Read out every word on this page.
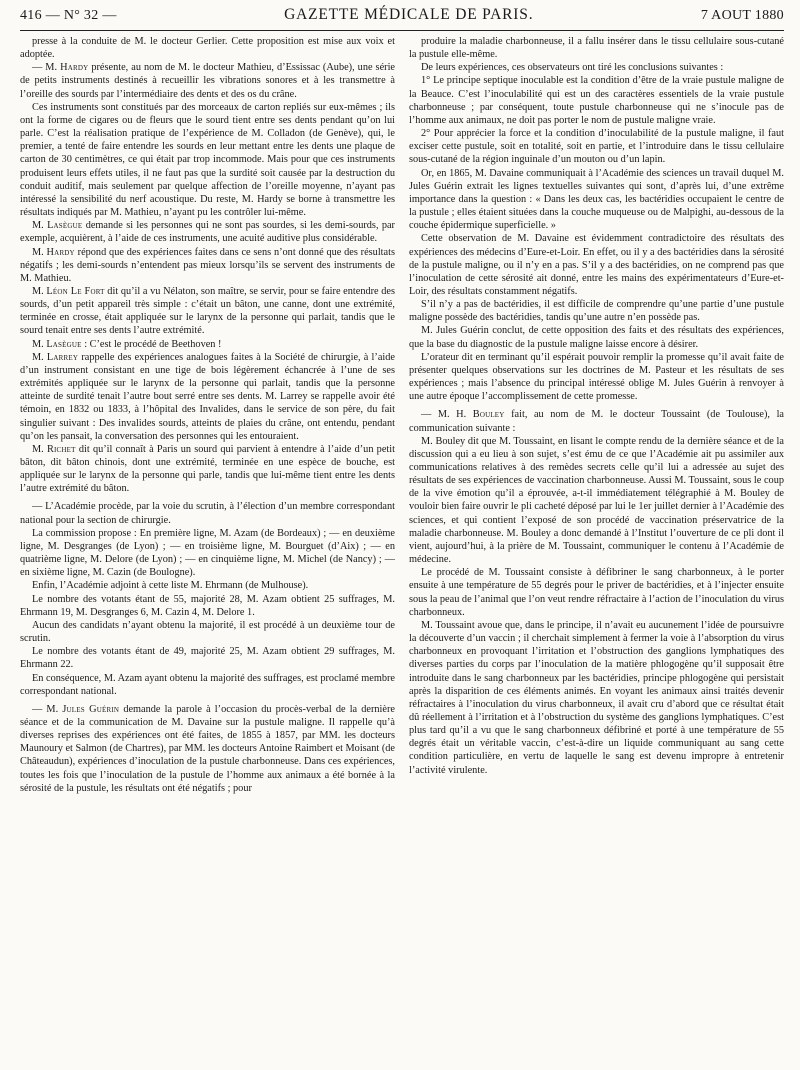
416 — N° 32 —	GAZETTE MÉDICALE DE PARIS.	7 AOUT 1880

presse à la conduite de M. le docteur Gerlier. Cette proposition est mise aux voix et adoptée.

— M. Hardy présente, au nom de M. le docteur Mathieu, d’Essissac (Aube), une série de petits instruments destinés à recueillir les vibrations sonores et à les transmettre à l’oreille des sourds par l’intermédiaire des dents et des os du crâne.

Ces instruments sont constitués par des morceaux de carton repliés sur eux-mêmes ; ils ont la forme de cigares ou de fleurs que le sourd tient entre ses dents pendant qu’on lui parle. C’est la réalisation pratique de l’expérience de M. Colladon (de Genève), qui, le premier, a tenté de faire entendre les sourds en leur mettant entre les dents une plaque de carton de 30 centimètres, ce qui était par trop incommode. Mais pour que ces instruments produisent leurs effets utiles, il ne faut pas que la surdité soit causée par la destruction du conduit auditif, mais seulement par quelque affection de l’oreille moyenne, n’ayant pas intéressé la sensibilité du nerf acoustique. Du reste, M. Hardy se borne à transmettre les résultats indiqués par M. Mathieu, n’ayant pu les contrôler lui-même.

M. Lasègue demande si les personnes qui ne sont pas sourdes, si les demi-sourds, par exemple, acquièrent, à l’aide de ces instruments, une acuité auditive plus considérable.

M. Hardy répond que des expériences faites dans ce sens n’ont donné que des résultats négatifs ; les demi-sourds n’entendent pas mieux lorsqu’ils se servent des instruments de M. Mathieu.

M. Léon Le Fort dit qu’il a vu Nélaton, son maître, se servir, pour se faire entendre des sourds, d’un petit appareil très simple : c’était un bâton, une canne, dont une extrémité, terminée en crosse, était appliquée sur le larynx de la personne qui parlait, tandis que le sourd tenait entre ses dents l’autre extrémité.

M. Lasègue : C’est le procédé de Beethoven !

M. Larrey rappelle des expériences analogues faites à la Société de chirurgie, à l’aide d’un instrument consistant en une tige de bois légèrement échancrée à l’une de ses extrémités appliquée sur le larynx de la personne qui parlait, tandis que la personne atteinte de surdité tenait l’autre bout serré entre ses dents. M. Larrey se rappelle avoir été témoin, en 1832 ou 1833, à l’hôpital des Invalides, dans le service de son père, du fait singulier suivant : Des invalides sourds, atteints de plaies du crâne, ont entendu, pendant qu’on les pansait, la conversation des personnes qui les entouraient.

M. Richet dit qu’il connaît à Paris un sourd qui parvient à entendre à l’aide d’un petit bâton, dit bâton chinois, dont une extrémité, terminée en une espèce de bouche, est appliquée sur le larynx de la personne qui parle, tandis que lui-même tient entre les dents l’autre extrémité du bâton.

— L’Académie procède, par la voie du scrutin, à l’élection d’un membre correspondant national pour la section de chirurgie.

La commission propose : En première ligne, M. Azam (de Bordeaux) ; — en deuxième ligne, M. Desgranges (de Lyon) ; — en troisième ligne, M. Bourguet (d’Aix) ; — en quatrième ligne, M. Delore (de Lyon) ; — en cinquième ligne, M. Michel (de Nancy) ; — en sixième ligne, M. Cazin (de Boulogne).

Enfin, l’Académie adjoint à cette liste M. Ehrmann (de Mulhouse).

Le nombre des votants étant de 55, majorité 28, M. Azam obtient 25 suffrages, M. Ehrmann 19, M. Desgranges 6, M. Cazin 4, M. Delore 1.

Aucun des candidats n’ayant obtenu la majorité, il est procédé à un deuxième tour de scrutin.

Le nombre des votants étant de 49, majorité 25, M. Azam obtient 29 suffrages, M. Ehrmann 22.

En conséquence, M. Azam ayant obtenu la majorité des suffrages, est proclamé membre correspondant national.

— M. Jules Guérin demande la parole à l’occasion du procès-verbal de la dernière séance et de la communication de M. Davaine sur la pustule maligne. Il rappelle qu’à diverses reprises des expériences ont été faites, de 1855 à 1857, par MM. les docteurs Maunoury et Salmon (de Chartres), par MM. les docteurs Antoine Raimbert et Moisant (de Châteaudun), expériences d’inoculation de la pustule charbonneuse. Dans ces expériences, toutes les fois que l’inoculation de la pustule de l’homme aux animaux a été bornée à la sérosité de la pustule, les résultats ont été négatifs ; pour

produire la maladie charbonneuse, il a fallu insérer dans le tissu cellulaire sous-cutané la pustule elle-même.

De leurs expériences, ces observateurs ont tiré les conclusions suivantes :

1° Le principe septique inoculable est la condition d’être de la vraie pustule maligne de la Beauce. C’est l’inoculabilité qui est un des caractères essentiels de la vraie pustule charbonneuse ; par conséquent, toute pustule charbonneuse qui ne s’inocule pas de l’homme aux animaux, ne doit pas porter le nom de pustule maligne vraie.

2° Pour apprécier la force et la condition d’inoculabilité de la pustule maligne, il faut exciser cette pustule, soit en totalité, soit en partie, et l’introduire dans le tissu cellulaire sous-cutané de la région inguinale d’un mouton ou d’un lapin.

Or, en 1865, M. Davaine communiquait à l’Académie des sciences un travail duquel M. Jules Guérin extrait les lignes textuelles suivantes qui sont, d’après lui, d’une extrême importance dans la question : « Dans les deux cas, les bactéridies occupaient le centre de la pustule ; elles étaient situées dans la couche muqueuse ou de Malpighi, au-dessous de la couche épidermique superficielle. »

Cette observation de M. Davaine est évidemment contradictoire des résultats des expériences des médecins d’Eure-et-Loir. En effet, ou il y a des bactéridies dans la sérosité de la pustule maligne, ou il n’y en a pas. S’il y a des bactéridies, on ne comprend pas que l’inoculation de cette sérosité ait donné, entre les mains des expérimentateurs d’Eure-et-Loir, des résultats constamment négatifs.

S’il n’y a pas de bactéridies, il est difficile de comprendre qu’une partie d’une pustule maligne possède des bactéridies, tandis qu’une autre n’en possède pas.

M. Jules Guérin conclut, de cette opposition des faits et des résultats des expériences, que la base du diagnostic de la pustule maligne laisse encore à désirer.

L’orateur dit en terminant qu’il espérait pouvoir remplir la promesse qu’il avait faite de présenter quelques observations sur les doctrines de M. Pasteur et les résultats de ses expériences ; mais l’absence du principal intéressé oblige M. Jules Guérin à renvoyer à une autre époque l’accomplissement de cette promesse.

— M. H. Bouley fait, au nom de M. le docteur Toussaint (de Toulouse), la communication suivante :

M. Bouley dit que M. Toussaint, en lisant le compte rendu de la dernière séance et de la discussion qui a eu lieu à son sujet, s’est ému de ce que l’Académie ait pu assimiler aux communications relatives à des remèdes secrets celle qu’il lui a adressée au sujet des résultats de ses expériences de vaccination charbonneuse. Aussi M. Toussaint, sous le coup de la vive émotion qu’il a éprouvée, a-t-il immédiatement télégraphié à M. Bouley de vouloir bien faire ouvrir le pli cacheté déposé par lui le 1er juillet dernier à l’Académie des sciences, et qui contient l’exposé de son procédé de vaccination préservatrice de la maladie charbonneuse. M. Bouley a donc demandé à l’Institut l’ouverture de ce pli dont il vient, aujourd’hui, à la prière de M. Toussaint, communiquer le contenu à l’Académie de médecine.

Le procédé de M. Toussaint consiste à défibriner le sang charbonneux, à le porter ensuite à une température de 55 degrés pour le priver de bactéridies, et à l’injecter ensuite sous la peau de l’animal que l’on veut rendre réfractaire à l’action de l’inoculation du virus charbonneux.

M. Toussaint avoue que, dans le principe, il n’avait eu aucunement l’idée de poursuivre la découverte d’un vaccin ; il cherchait simplement à fermer la voie à l’absorption du virus charbonneux en provoquant l’irritation et l’obstruction des ganglions lymphatiques des diverses parties du corps par l’inoculation de la matière phlogogène qu’il supposait être introduite dans le sang charbonneux par les bactéridies, principe phlogogène qui persistait après la disparition de ces éléments animés. En voyant les animaux ainsi traités devenir réfractaires à l’inoculation du virus charbonneux, il avait cru d’abord que ce résultat était dû réellement à l’irritation et à l’obstruction du système des ganglions lymphatiques. C’est plus tard qu’il a vu que le sang charbonneux défibriné et porté à une température de 55 degrés était un véritable vaccin, c’est-à-dire un liquide communiquant au sang cette condition particulière, en vertu de laquelle le sang est devenu impropre à entretenir l’activité virulente.
